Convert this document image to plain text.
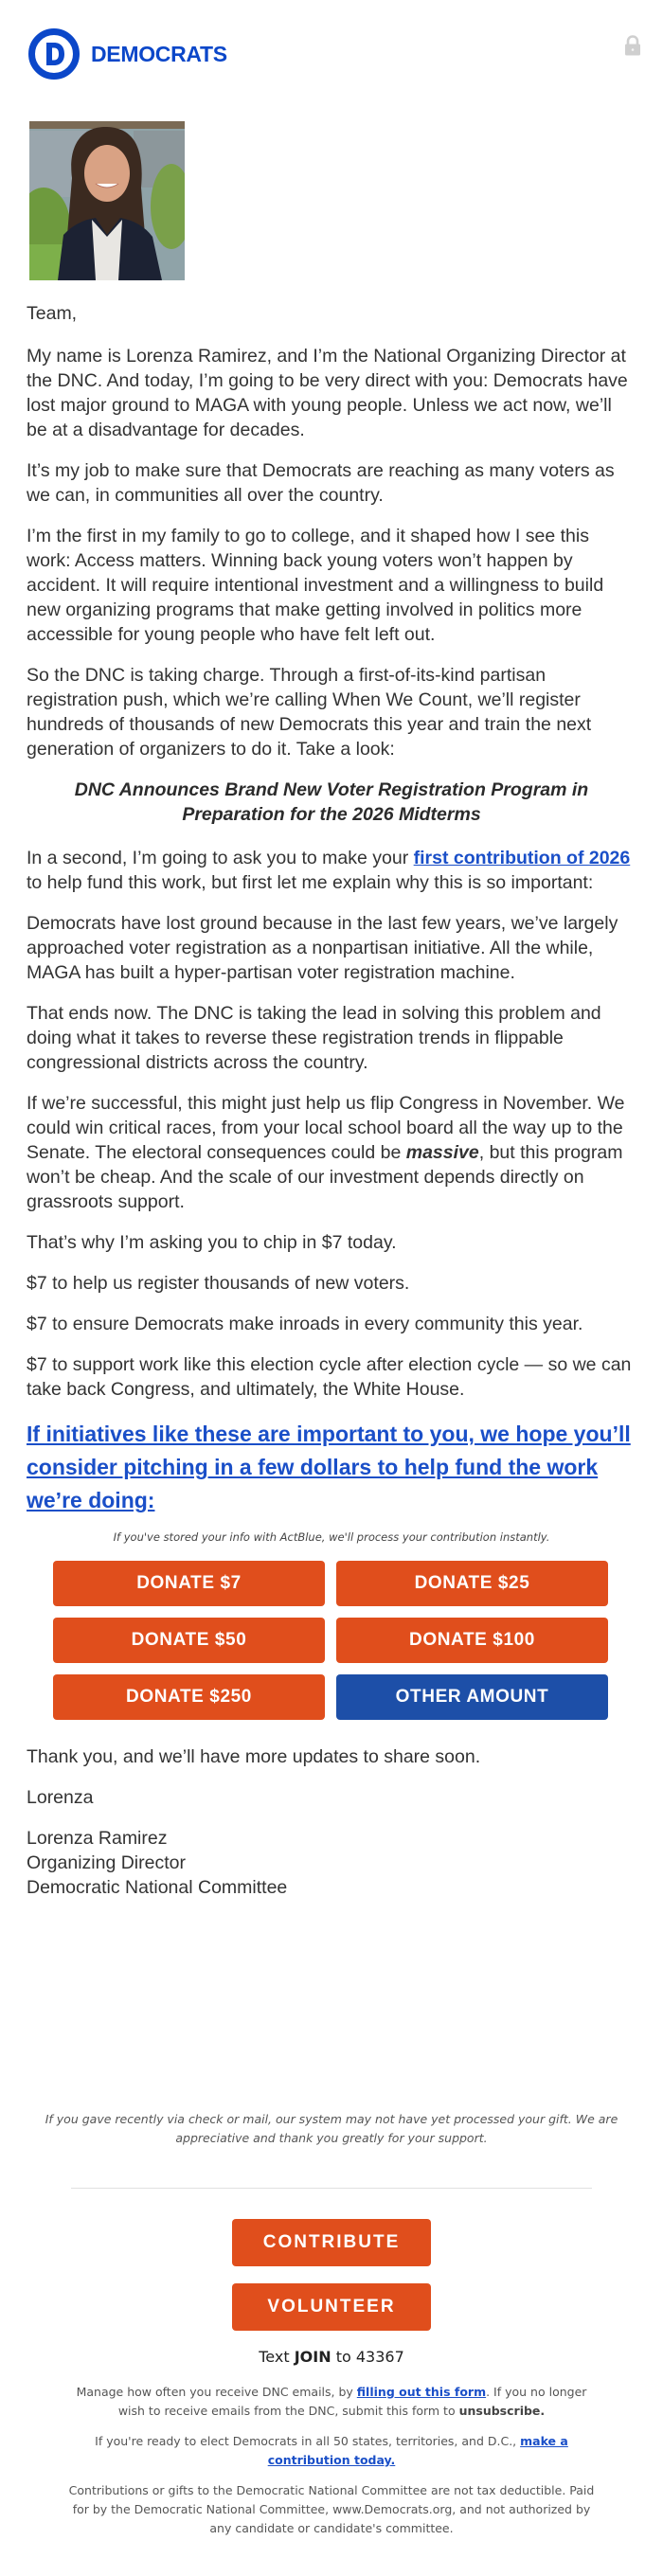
DEMOCRATS

Team,

My name is Lorenza Ramirez, and I’m the National Organizing Director at the DNC. And today, I’m going to be very direct with you: Democrats have lost major ground to MAGA with young people. Unless we act now, we’ll be at a disadvantage for decades.

It’s my job to make sure that Democrats are reaching as many voters as we can, in communities all over the country.

I’m the first in my family to go to college, and it shaped how I see this work: Access matters. Winning back young voters won’t happen by accident. It will require intentional investment and a willingness to build new organizing programs that make getting involved in politics more accessible for young people who have felt left out.

So the DNC is taking charge. Through a first-of-its-kind partisan registration push, which we’re calling When We Count, we’ll register hundreds of thousands of new Democrats this year and train the next generation of organizers to do it. Take a look:

DNC Announces Brand New Voter Registration Program in Preparation for the 2026 Midterms

In a second, I’m going to ask you to make your first contribution of 2026 to help fund this work, but first let me explain why this is so important:

Democrats have lost ground because in the last few years, we’ve largely approached voter registration as a nonpartisan initiative. All the while, MAGA has built a hyper-partisan voter registration machine.

That ends now. The DNC is taking the lead in solving this problem and doing what it takes to reverse these registration trends in flippable congressional districts across the country.

If we’re successful, this might just help us flip Congress in November. We could win critical races, from your local school board all the way up to the Senate. The electoral consequences could be massive, but this program won’t be cheap. And the scale of our investment depends directly on grassroots support.

That’s why I’m asking you to chip in $7 today.

$7 to help us register thousands of new voters.

$7 to ensure Democrats make inroads in every community this year.

$7 to support work like this election cycle after election cycle — so we can take back Congress, and ultimately, the White House.

If initiatives like these are important to you, we hope you’ll consider pitching in a few dollars to help fund the work we’re doing:
If you've stored your info with ActBlue, we'll process your contribution instantly.
DONATE $7	DONATE $25
DONATE $50	DONATE $100
DONATE $250	OTHER AMOUNT

Thank you, and we’ll have more updates to share soon.

Lorenza

Lorenza Ramirez
Organizing Director
Democratic National Committee
If you gave recently via check or mail, our system may not have yet processed your gift. We are appreciative and thank you greatly for your support.
CONTRIBUTE
VOLUNTEER
Text JOIN to 43367
Manage how often you receive DNC emails, by filling out this form. If you no longer wish to receive emails from the DNC, submit this form to unsubscribe.
If you're ready to elect Democrats in all 50 states, territories, and D.C., make a contribution today.
Contributions or gifts to the Democratic National Committee are not tax deductible. Paid for by the Democratic National Committee, www.Democrats.org, and not authorized by any candidate or candidate's committee.
